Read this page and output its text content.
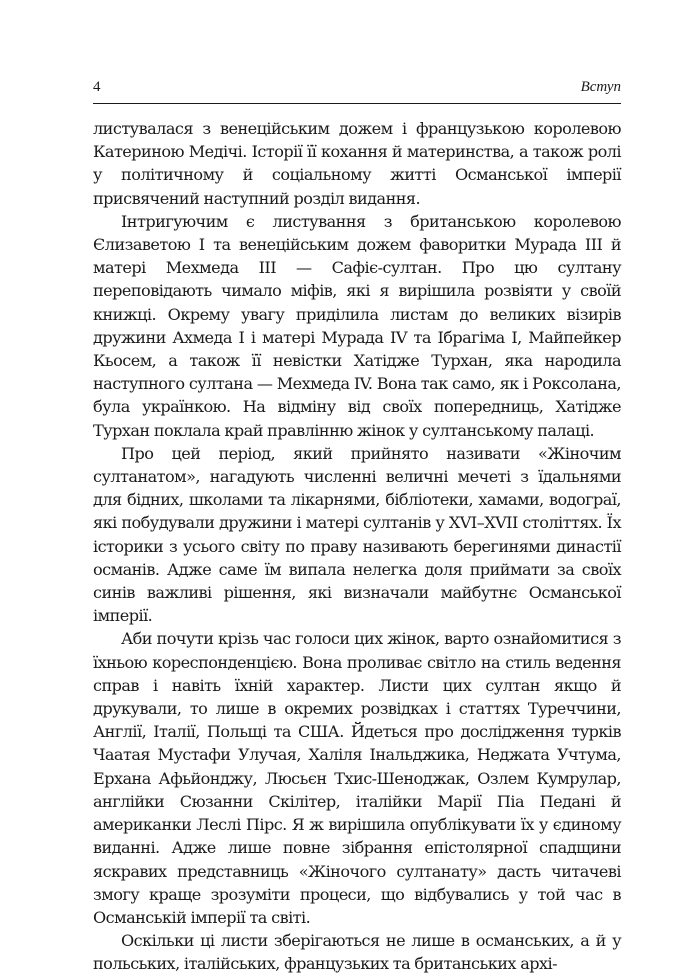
4	Вступ

листувалася з венеційським дожем і французькою королевою Катериною Медічі. Історії її кохання й материнства, а також ролі у політичному й соціальному житті Османської імперії присвячений наступний розділ видання.

Інтригуючим є листування з британською королевою Єлизаветою I та венеційським дожем фаворитки Мурада III й матері Мехмеда III — Сафіє-султан. Про цю султану переповідають чимало міфів, які я вирішила розвіяти у своїй книжці. Окрему увагу приділила листам до великих візирів дружини Ахмеда I і матері Мурада IV та Ібрагіма I, Майпейкер Кьосем, а також її невістки Хатідже Турхан, яка народила наступного султана — Мехмеда IV. Вона так само, як і Роксолана, була українкою. На відміну від своїх попередниць, Хатідже Турхан поклала край правлінню жінок у султанському палаці.

Про цей період, який прийнято називати «Жіночим султанатом», нагадують численні величні мечеті з їдальнями для бідних, школами та лікарнями, бібліотеки, хамами, водограї, які побудували дружини і матері султанів у XVI–XVII століттях. Їх історики з усього світу по праву називають берегинями династії османів. Адже саме їм випала нелегка доля приймати за своїх синів важливі рішення, які визначали майбутнє Османської імперії.

Аби почути крізь час голоси цих жінок, варто ознайомитися з їхньою кореспонденцією. Вона проливає світло на стиль ведення справ і навіть їхній характер. Листи цих султан якщо й друкували, то лише в окремих розвідках і статтях Туреччини, Англії, Італії, Польщі та США. Йдеться про дослідження турків Чаатая Мустафи Улучая, Халіля Інальджика, Неджата Учтума, Ерхана Афьйонджу, Люсьєн Тхис-Шеноджак, Озлем Кумрулар, англійки Сюзанни Скілітер, італійки Марії Піа Педані й американки Леслі Пірс. Я ж вирішила опублікувати їх у єдиному виданні. Адже лише повне зібрання епістолярної спадщини яскравих представниць «Жіночого султанату» дасть читачеві змогу краще зрозуміти процеси, що відбувались у той час в Османській імперії та світі.

Оскільки ці листи зберігаються не лише в османських, а й у польських, італійських, французьких та британських архі-
